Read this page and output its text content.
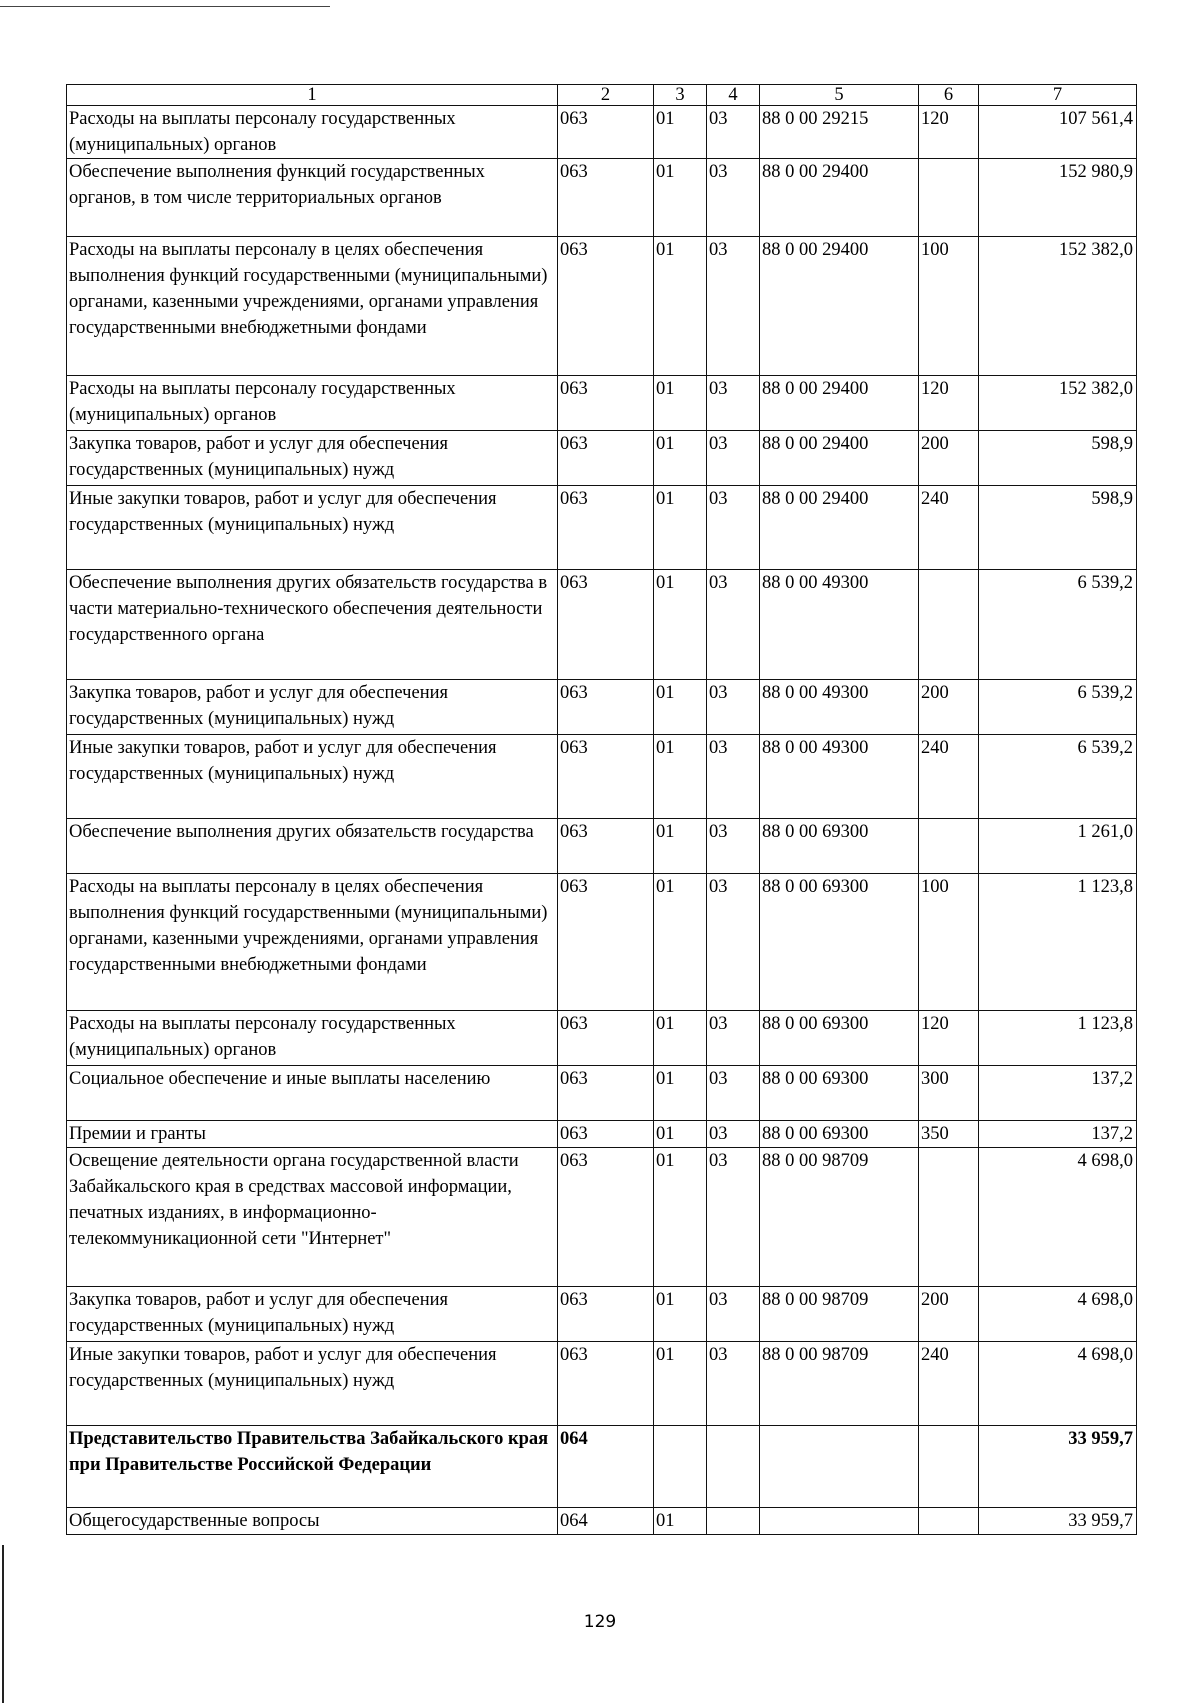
1	2	3	4	5	6	7
Расходы на выплаты персоналу государственных (муниципальных) органов	063	01	03	88 0 00 29215	120	107 561,4
Обеспечение выполнения функций государственных органов, в том числе территориальных органов	063	01	03	88 0 00 29400		152 980,9
Расходы на выплаты персоналу в целях обеспечения выполнения функций государственными (муниципальными) органами, казенными учреждениями, органами управления государственными внебюджетными фондами	063	01	03	88 0 00 29400	100	152 382,0
Расходы на выплаты персоналу государственных (муниципальных) органов	063	01	03	88 0 00 29400	120	152 382,0
Закупка товаров, работ и услуг для обеспечения государственных (муниципальных) нужд	063	01	03	88 0 00 29400	200	598,9
Иные закупки товаров, работ и услуг для обеспечения государственных (муниципальных) нужд	063	01	03	88 0 00 29400	240	598,9
Обеспечение выполнения других обязательств государства в части материально-технического обеспечения деятельности государственного органа	063	01	03	88 0 00 49300		6 539,2
Закупка товаров, работ и услуг для обеспечения государственных (муниципальных) нужд	063	01	03	88 0 00 49300	200	6 539,2
Иные закупки товаров, работ и услуг для обеспечения государственных (муниципальных) нужд	063	01	03	88 0 00 49300	240	6 539,2
Обеспечение выполнения других обязательств государства	063	01	03	88 0 00 69300		1 261,0
Расходы на выплаты персоналу в целях обеспечения выполнения функций государственными (муниципальными) органами, казенными учреждениями, органами управления государственными внебюджетными фондами	063	01	03	88 0 00 69300	100	1 123,8
Расходы на выплаты персоналу государственных (муниципальных) органов	063	01	03	88 0 00 69300	120	1 123,8
Социальное обеспечение и иные выплаты населению	063	01	03	88 0 00 69300	300	137,2
Премии и гранты	063	01	03	88 0 00 69300	350	137,2
Освещение деятельности органа государственной власти Забайкальского края в средствах массовой информации, печатных изданиях, в информационно-телекоммуникационной сети "Интернет"	063	01	03	88 0 00 98709		4 698,0
Закупка товаров, работ и услуг для обеспечения государственных (муниципальных) нужд	063	01	03	88 0 00 98709	200	4 698,0
Иные закупки товаров, работ и услуг для обеспечения государственных (муниципальных) нужд	063	01	03	88 0 00 98709	240	4 698,0
Представительство Правительства Забайкальского края при Правительстве Российской Федерации	064					33 959,7
Общегосударственные вопросы	064	01				33 959,7
129
